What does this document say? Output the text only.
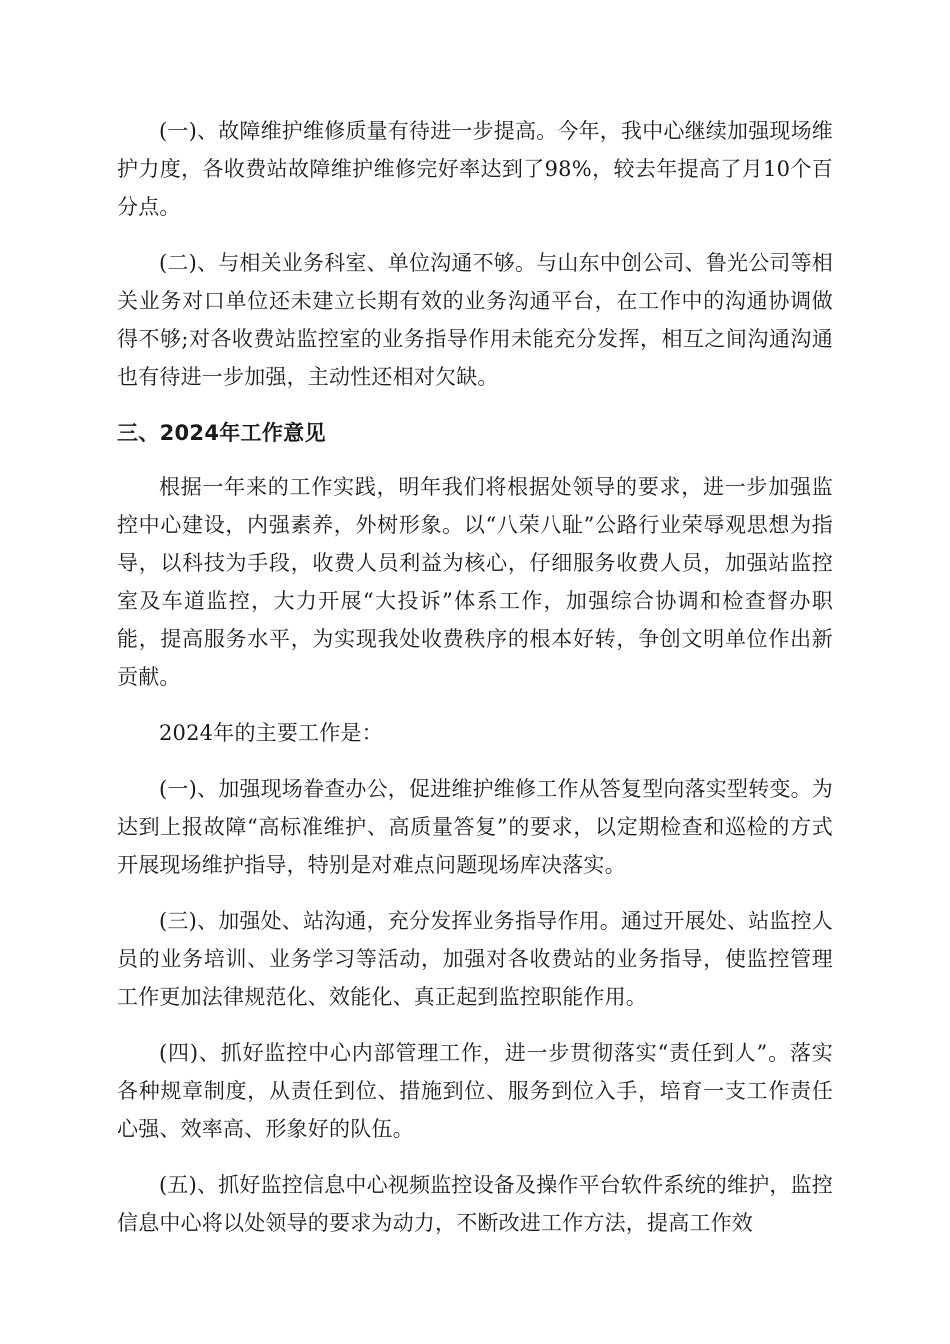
(一)、故障维护维修质量有待进一步提高。今年，我中心继续加强现场维护力度，各收费站故障维护维修完好率达到了98%，较去年提高了月10个百分点。

(二)、与相关业务科室、单位沟通不够。与山东中创公司、鲁光公司等相关业务对口单位还未建立长期有效的业务沟通平台，在工作中的沟通协调做得不够;对各收费站监控室的业务指导作用未能充分发挥，相互之间沟通沟通也有待进一步加强，主动性还相对欠缺。

三、2024年工作意见

根据一年来的工作实践，明年我们将根据处领导的要求，进一步加强监控中心建设，内强素养，外树形象。以“八荣八耻”公路行业荣辱观思想为指导，以科技为手段，收费人员利益为核心，仔细服务收费人员，加强站监控室及车道监控，大力开展“大投诉”体系工作，加强综合协调和检查督办职能，提高服务水平，为实现我处收费秩序的根本好转，争创文明单位作出新贡献。

2024年的主要工作是：

(一)、加强现场眷查办公，促进维护维修工作从答复型向落实型转变。为达到上报故障“高标准维护、高质量答复”的要求，以定期检查和巡检的方式开展现场维护指导，特别是对难点问题现场库决落实。

(三)、加强处、站沟通，充分发挥业务指导作用。通过开展处、站监控人员的业务培训、业务学习等活动，加强对各收费站的业务指导，使监控管理工作更加法律规范化、效能化、真正起到监控职能作用。

(四)、抓好监控中心内部管理工作，进一步贯彻落实“责任到人”。落实各种规章制度，从责任到位、措施到位、服务到位入手，培育一支工作责任心强、效率高、形象好的队伍。

(五)、抓好监控信息中心视频监控设备及操作平台软件系统的维护，监控信息中心将以处领导的要求为动力，不断改进工作方法，提高工作效
